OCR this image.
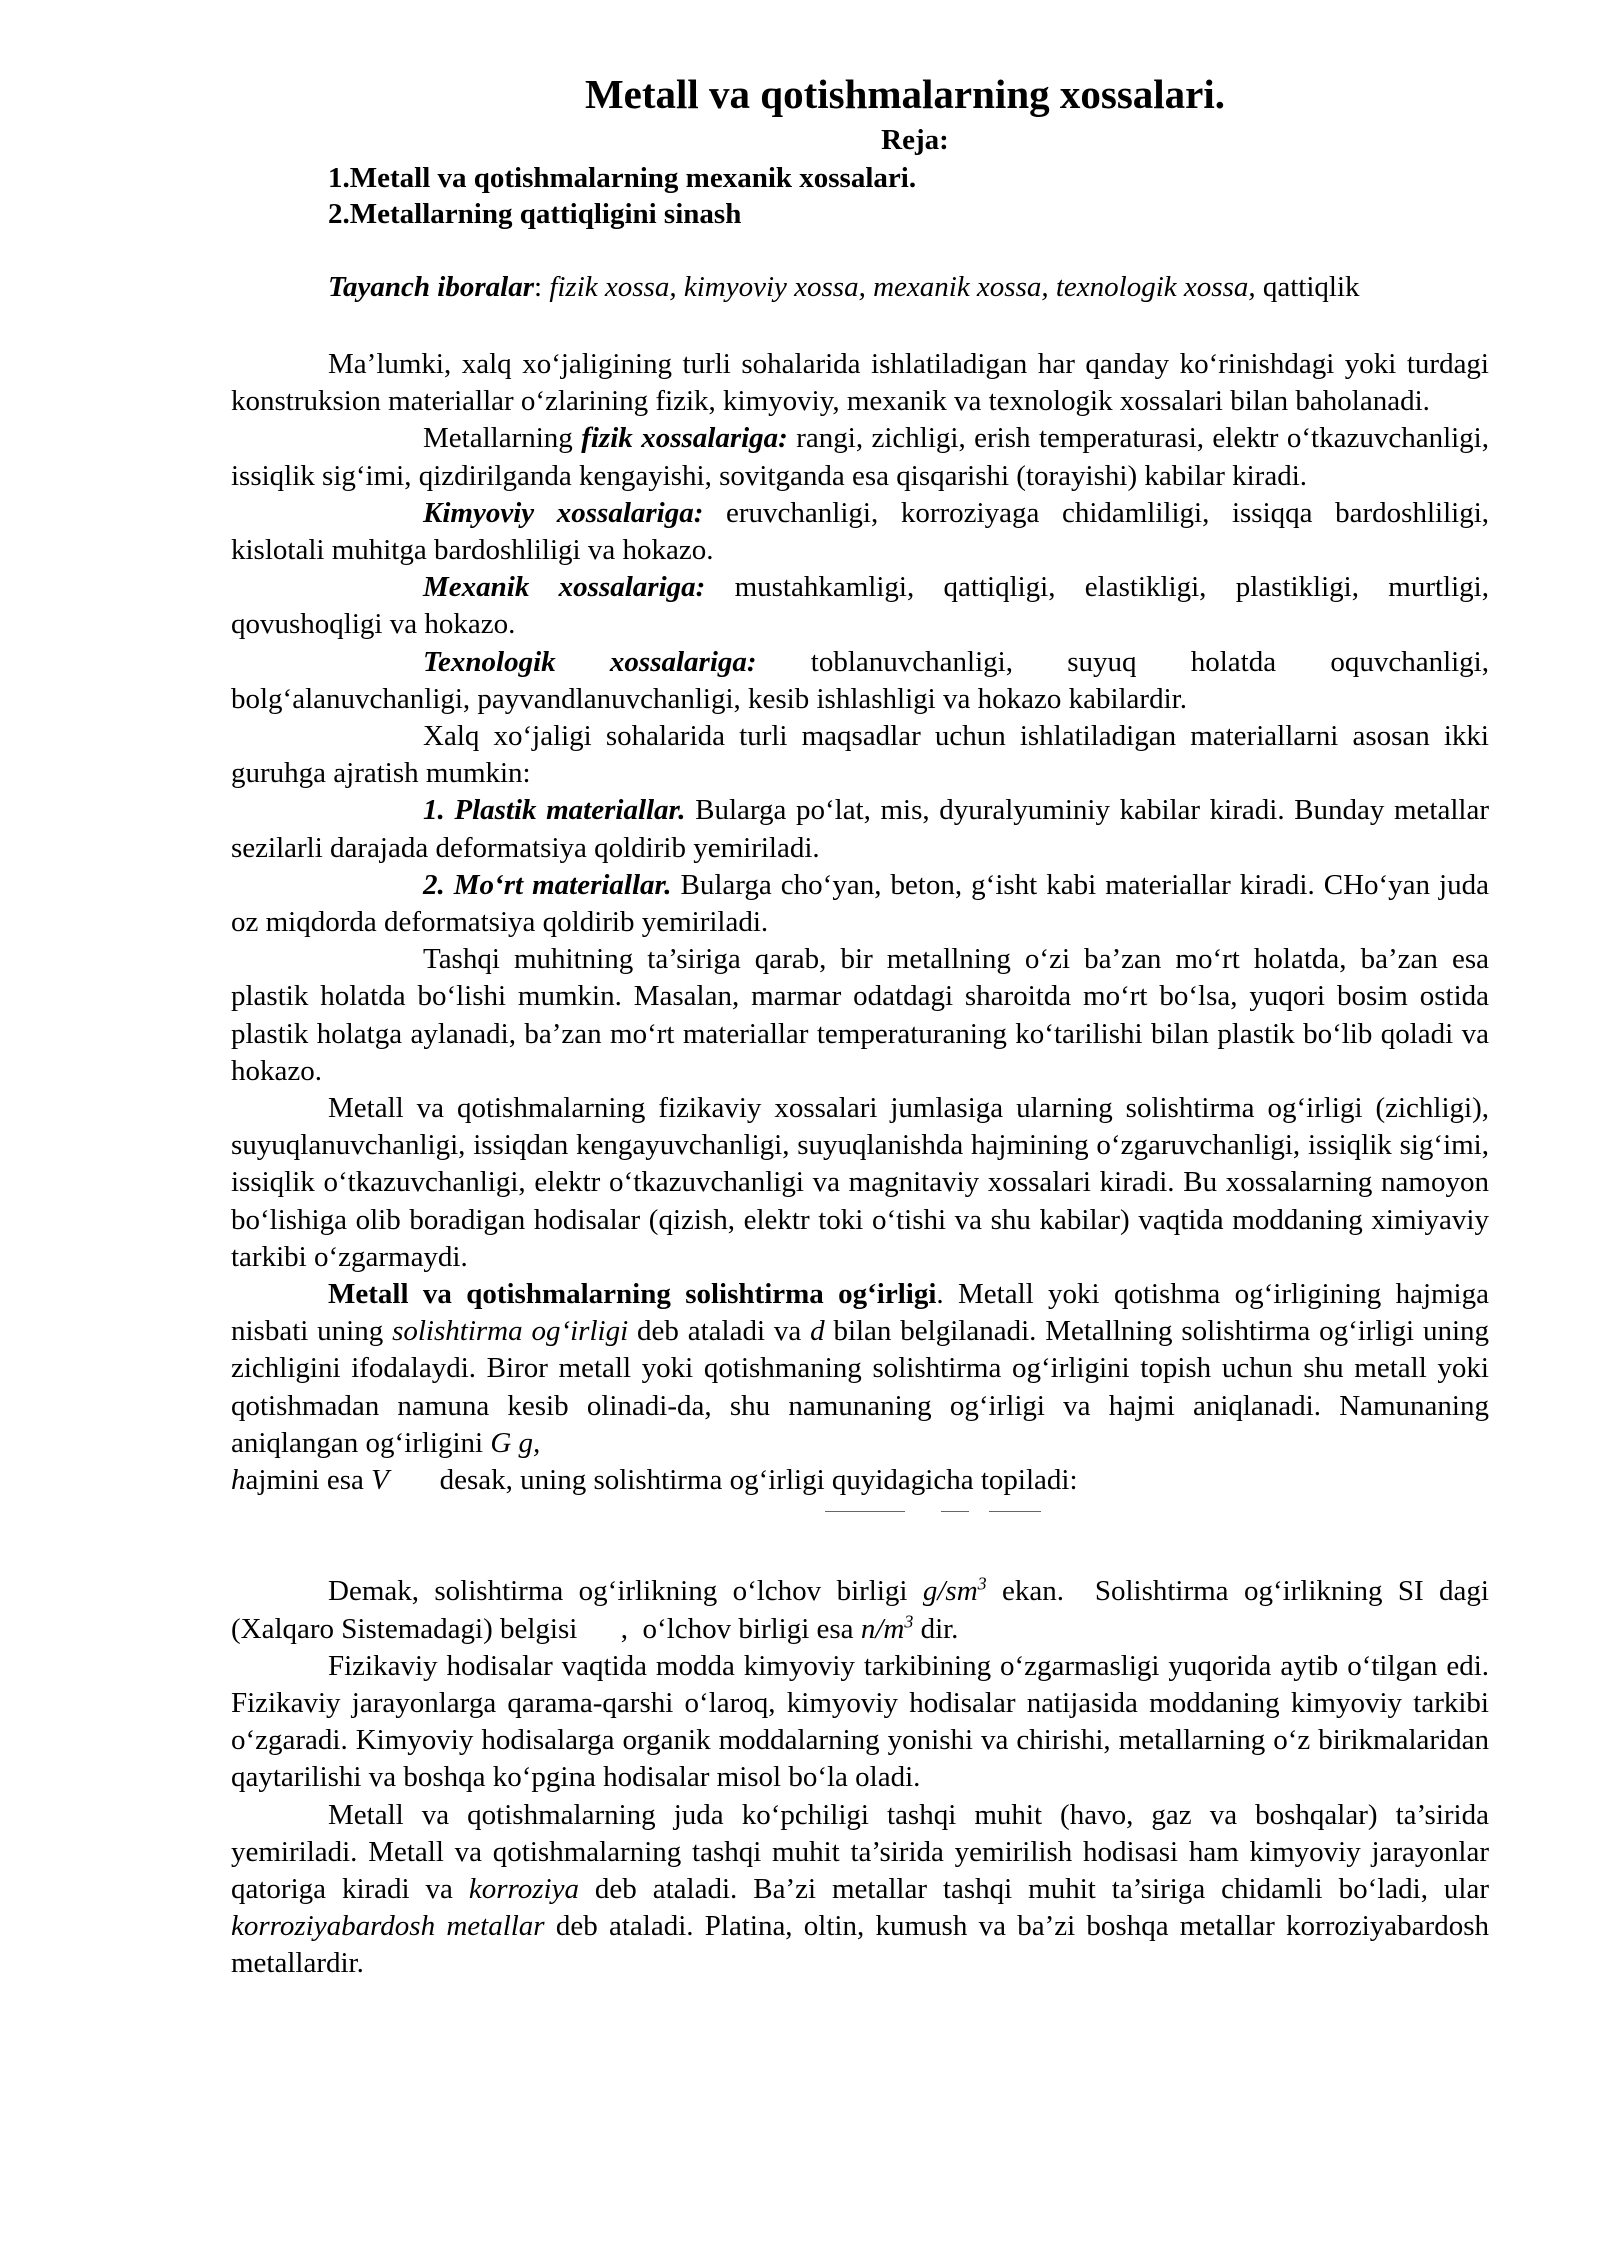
Metall va qotishmalarning xossalari.
Reja:
1.Metall va qotishmalarning mexanik xossalari.
2.Metallarning qattiqligini sinash
Tayanch iboralar: fizik xossa, kimyoviy xossa, mexanik xossa, texnologik xossa, qattiqlik

Ma’lumki, xalq xo‘jaligining turli sohalarida ishlatiladigan har qanday ko‘rinishdagi yoki turdagi konstruksion materiallar o‘zlarining fizik, kimyoviy, mexanik va texnologik xossalari bilan baholanadi.

Metallarning fizik xossalariga: rangi, zichligi, erish temperaturasi, elektr o‘tkazuvchanligi, issiqlik sig‘imi, qizdirilganda kengayishi, sovitganda esa qisqarishi (torayishi) kabilar kiradi.

Kimyoviy xossalariga: eruvchanligi, korroziyaga chidamliligi, issiqqa bardoshliligi, kislotali muhitga bardoshliligi va hokazo.

Mexanik xossalariga: mustahkamligi, qattiqligi, elastikligi, plastikligi, murtligi, qovushoqligi va hokazo.

Texnologik xossalariga: toblanuvchanligi, suyuq holatda oquvchanligi, bolg‘alanuvchanligi, payvandlanuvchanligi, kesib ishlashligi va hokazo kabilardir.

Xalq xo‘jaligi sohalarida turli maqsadlar uchun ishlatiladigan materiallarni asosan ikki guruhga ajratish mumkin:

1. Plastik materiallar. Bularga po‘lat, mis, dyuralyuminiy kabilar kiradi. Bunday metallar sezilarli darajada deformatsiya qoldirib yemiriladi.

2. Mo‘rt materiallar. Bularga cho‘yan, beton, g‘isht kabi materiallar kiradi. CHo‘yan juda oz miqdorda deformatsiya qoldirib yemiriladi.

Tashqi muhitning ta’siriga qarab, bir metallning o‘zi ba’zan mo‘rt holatda, ba’zan esa plastik holatda bo‘lishi mumkin. Masalan, marmar odatdagi sharoitda mo‘rt bo‘lsa, yuqori bosim ostida plastik holatga aylanadi, ba’zan mo‘rt materiallar temperaturaning ko‘tarilishi bilan plastik bo‘lib qoladi va hokazo.

Metall va qotishmalarning fizikaviy xossalari jumlasiga ularning solishtirma og‘irligi (zichligi), suyuqlanuvchanligi, issiqdan kengayuvchanligi, suyuqlanishda hajmining o‘zgaruvchanligi, issiqlik sig‘imi, issiqlik o‘tkazuvchanligi, elektr o‘tkazuvchanligi va magnitaviy xossalari kiradi. Bu xossalarning namoyon bo‘lishiga olib boradigan hodisalar (qizish, elektr toki o‘tishi va shu kabilar) vaqtida moddaning ximiyaviy tarkibi o‘zgarmaydi.

Metall va qotishmalarning solishtirma og‘irligi. Metall yoki qotishma og‘irligining hajmiga nisbati uning solishtirma og‘irligi deb ataladi va d bilan belgilanadi. Metallning solishtirma og‘irligi uning zichligini ifodalaydi. Biror metall yoki qotishmaning solishtirma og‘irligini topish uchun shu metall yoki qotishmadan namuna kesib olinadi-da, shu namunaning og‘irligi va hajmi aniqlanadi. Namunaning aniqlangan og‘irligini G g,
hajmini esa V       desak, uning solishtirma og‘irligi quyidagicha topiladi:

Demak, solishtirma og‘irlikning o‘lchov birligi $g/sm^3$ ekan.  Solishtirma og‘irlikning SI dagi (Xalqaro Sistemadagi) belgisi      ,  o‘lchov birligi esa $n/m^3$ dir.

Fizikaviy hodisalar vaqtida modda kimyoviy tarkibining o‘zgarmasligi yuqorida aytib o‘tilgan edi. Fizikaviy jarayonlarga qarama-qarshi o‘laroq, kimyoviy hodisalar natijasida moddaning kimyoviy tarkibi o‘zgaradi. Kimyoviy hodisalarga organik moddalarning yonishi va chirishi, metallarning o‘z birikmalaridan qaytarilishi va boshqa ko‘pgina hodisalar misol bo‘la oladi.

Metall va qotishmalarning juda ko‘pchiligi tashqi muhit (havo, gaz va boshqalar) ta’sirida yemiriladi. Metall va qotishmalarning tashqi muhit ta’sirida yemirilish hodisasi ham kimyoviy jarayonlar qatoriga kiradi va korroziya deb ataladi. Ba’zi metallar tashqi muhit ta’siriga chidamli bo‘ladi, ular korroziyabardosh metallar deb ataladi. Platina, oltin, kumush va ba’zi boshqa metallar korroziyabardosh metallardir.
